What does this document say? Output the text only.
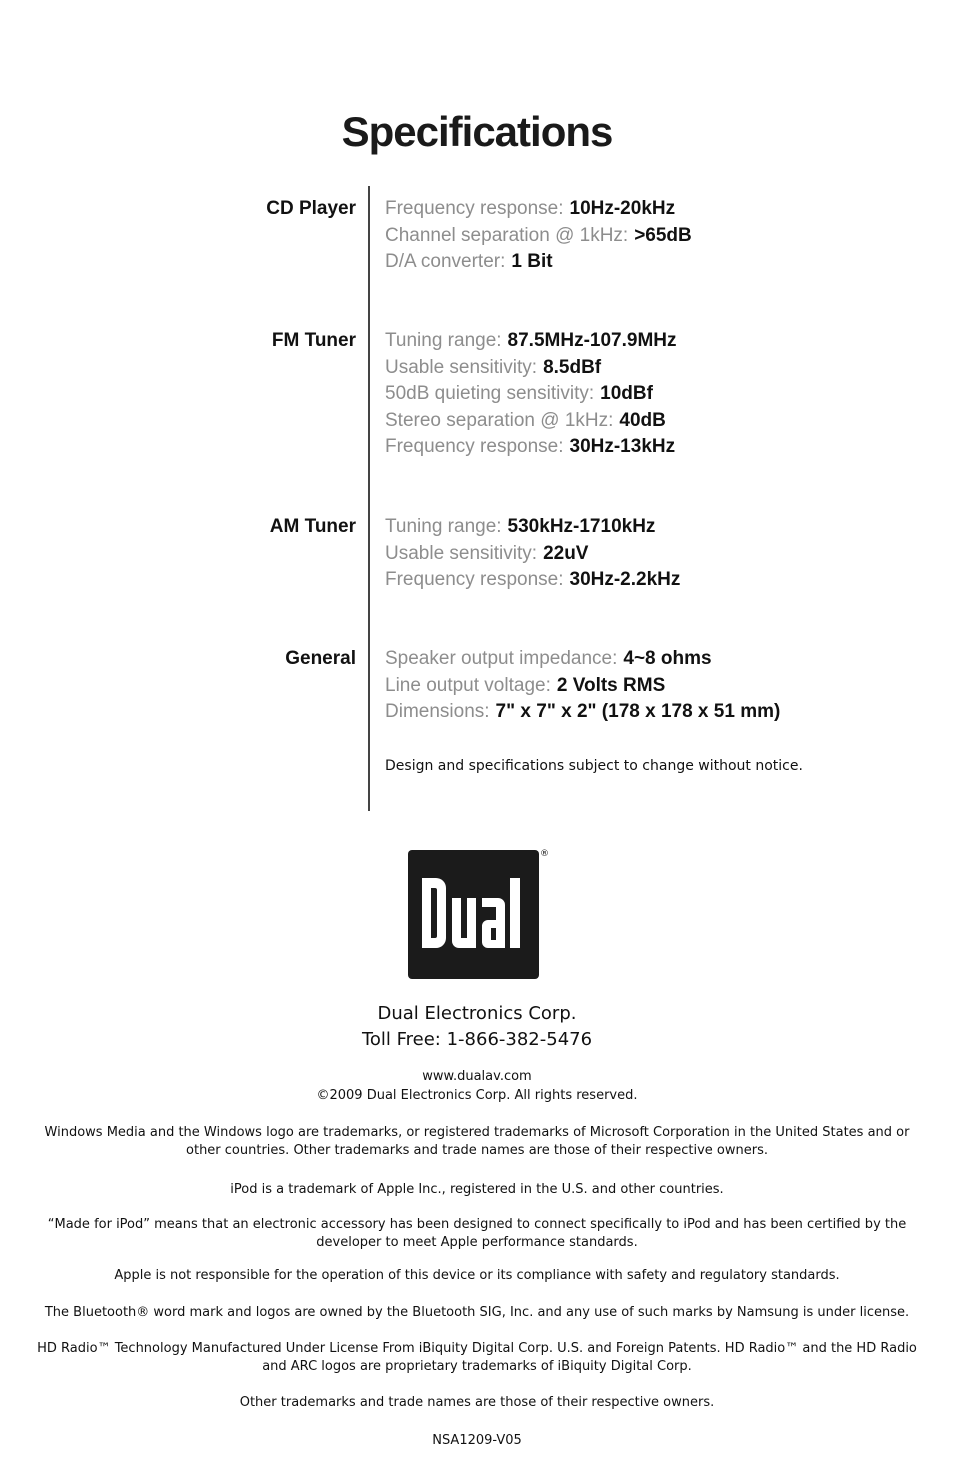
Specifications
CD Player Frequency response: 10Hz-20kHz
Channel separation @ 1kHz: >65dB
D/A converter: 1 Bit
FM Tuner Tuning range: 87.5MHz-107.9MHz
Usable sensitivity: 8.5dBf
50dB quieting sensitivity: 10dBf
Stereo separation @ 1kHz: 40dB
Frequency response: 30Hz-13kHz
AM Tuner Tuning range: 530kHz-1710kHz
Usable sensitivity: 22uV
Frequency response: 30Hz-2.2kHz
General Speaker output impedance: 4~8 ohms
Line output voltage: 2 Volts RMS
Dimensions: 7" x 7" x 2" (178 x 178 x 51 mm)
Design and specifications subject to change without notice.
®
Dual Electronics Corp.
Toll Free: 1-866-382-5476
www.dualav.com
©2009 Dual Electronics Corp. All rights reserved.
Windows Media and the Windows logo are trademarks, or registered trademarks of Microsoft Corporation in the United States and or other countries. Other trademarks and trade names are those of their respective owners.
iPod is a trademark of Apple Inc., registered in the U.S. and other countries.
“Made for iPod” means that an electronic accessory has been designed to connect specifically to iPod and has been certified by the developer to meet Apple performance standards.
Apple is not responsible for the operation of this device or its compliance with safety and regulatory standards.
The Bluetooth® word mark and logos are owned by the Bluetooth SIG, Inc. and any use of such marks by Namsung is under license.
HD Radio™ Technology Manufactured Under License From iBiquity Digital Corp. U.S. and Foreign Patents. HD Radio™ and the HD Radio and ARC logos are proprietary trademarks of iBiquity Digital Corp.
Other trademarks and trade names are those of their respective owners.
NSA1209-V05
